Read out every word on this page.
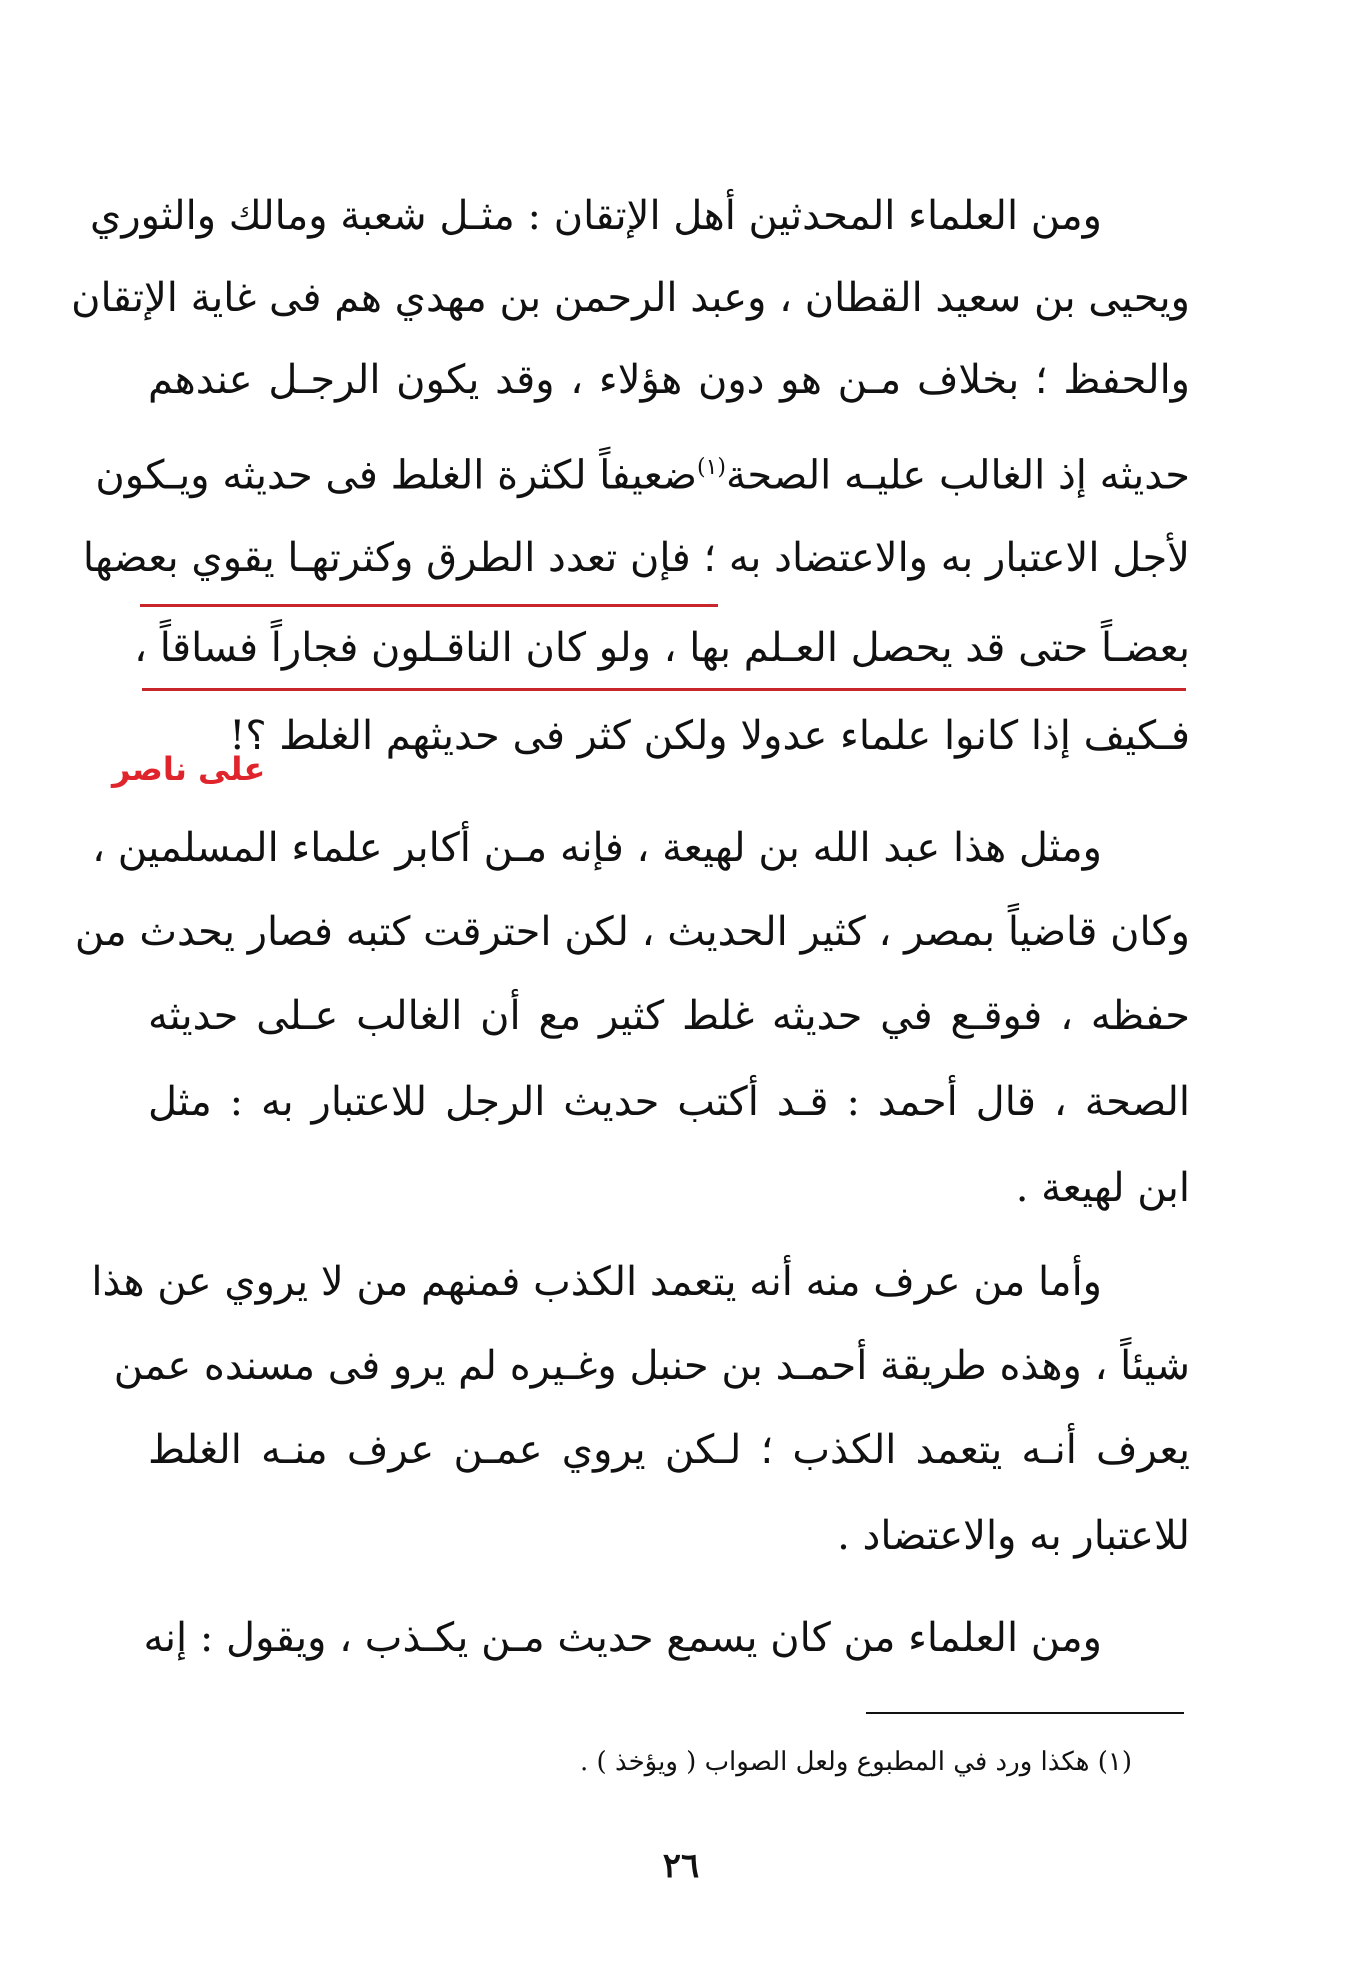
ومن العلماء المحدثين أهل الإتقان : مثـل شعبة ومالك والثوري
ويحيى بن سعيد القطان ، وعبد الرحمن بن مهدي هم فى غاية الإتقان
والحفظ ؛ بخلاف مـن هو دون هؤلاء ، وقد يكون الرجـل عندهم
حديثه إذ الغالب عليـه الصحة$^{(١)}$ضعيفاً لكثرة الغلط فى حديثه ويـكون
لأجل الاعتبار به والاعتضاد به ؛ فإن تعدد الطرق وكثرتهـا يقوي بعضها
بعضـاً حتى قد يحصل العـلم بها ، ولو كان الناقـلون فجاراً فساقاً ،
فـكيف إذا كانوا علماء عدولا ولكن كثر فى حديثهم الغلط ؟!
على ناصر
ومثل هذا عبد الله بن لهيعة ، فإنه مـن أكابر علماء المسلمين ،
وكان قاضياً بمصر ، كثير الحديث ، لكن احترقت كتبه فصار يحدث من
حفظه ، فوقـع في حديثه غلط كثير مع أن الغالب عـلى حديثه
الصحة ، قال أحمد : قـد أكتب حديث الرجل للاعتبار به : مثل
ابن لهيعة .
وأما من عرف منه أنه يتعمد الكذب فمنهم من لا يروي عن هذا
شيئاً ، وهذه طريقة أحمـد بن حنبل وغـيره لم يرو فى مسنده عمن
يعرف أنـه يتعمد الكذب ؛ لـكن يروي عمـن عرف منـه الغلط
للاعتبار به والاعتضاد .
ومن العلماء من كان يسمع حديث مـن يكـذب ، ويقول : إنه
(١) هكذا ورد في المطبوع ولعل الصواب ( ويؤخذ ) .
٢٦
